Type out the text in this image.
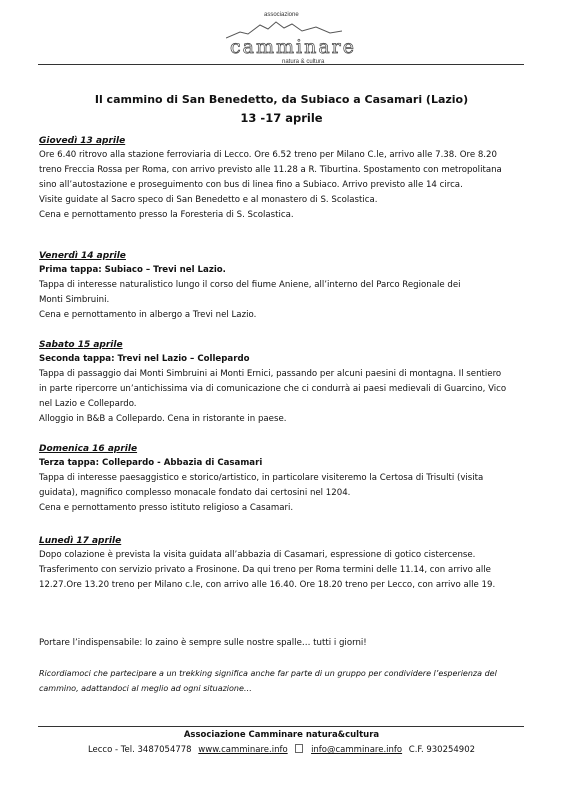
associazione
camminare
natura & cultura
Il cammino di San Benedetto, da Subiaco a Casamari (Lazio)
13 -17 aprile
Giovedì 13 aprile
Ore 6.40 ritrovo alla stazione ferroviaria di Lecco. Ore 6.52 treno per Milano C.le, arrivo alle 7.38. Ore 8.20
treno Freccia Rossa per Roma, con arrivo previsto alle 11.28 a R. Tiburtina. Spostamento con metropolitana
sino all’autostazione e proseguimento con bus di linea fino a Subiaco. Arrivo previsto alle 14 circa.
Visite guidate al Sacro speco di San Benedetto e al monastero di S. Scolastica.
Cena e pernottamento presso la Foresteria di S. Scolastica.
Venerdì 14 aprile
Prima tappa: Subiaco – Trevi nel Lazio.
Tappa di interesse naturalistico lungo il corso del fiume Aniene, all’interno del Parco Regionale dei
Monti Simbruini.
Cena e pernottamento in albergo a Trevi nel Lazio.
Sabato 15 aprile
Seconda tappa: Trevi nel Lazio – Collepardo
Tappa di passaggio dai Monti Simbruini ai Monti Ernici, passando per alcuni paesini di montagna. Il sentiero
in parte ripercorre un’antichissima via di comunicazione che ci condurrà ai paesi medievali di Guarcino, Vico
nel Lazio e Collepardo.
Alloggio in B&B a Collepardo. Cena in ristorante in paese.
Domenica 16 aprile
Terza tappa: Collepardo - Abbazia di Casamari
Tappa di interesse paesaggistico e storico/artistico, in particolare visiteremo la Certosa di Trisulti (visita
guidata), magnifico complesso monacale fondato dai certosini nel 1204.
Cena e pernottamento presso istituto religioso a Casamari.
Lunedì 17 aprile
Dopo colazione è prevista la visita guidata all’abbazia di Casamari, espressione di gotico cistercense.
Trasferimento con servizio privato a Frosinone. Da qui treno per Roma termini delle 11.14, con arrivo alle
12.27.Ore 13.20 treno per Milano c.le, con arrivo alle 16.40. Ore 18.20 treno per Lecco, con arrivo alle 19.
Portare l’indispensabile: lo zaino è sempre sulle nostre spalle… tutti i giorni!
Ricordiamoci che partecipare a un trekking significa anche far parte di un gruppo per condividere l’esperienza del
cammino, adattandoci al meglio ad ogni situazione…
Associazione Camminare natura&cultura
Lecco - Tel. 3487054778 www.camminare.info	info@camminare.info C.F. 930254902
